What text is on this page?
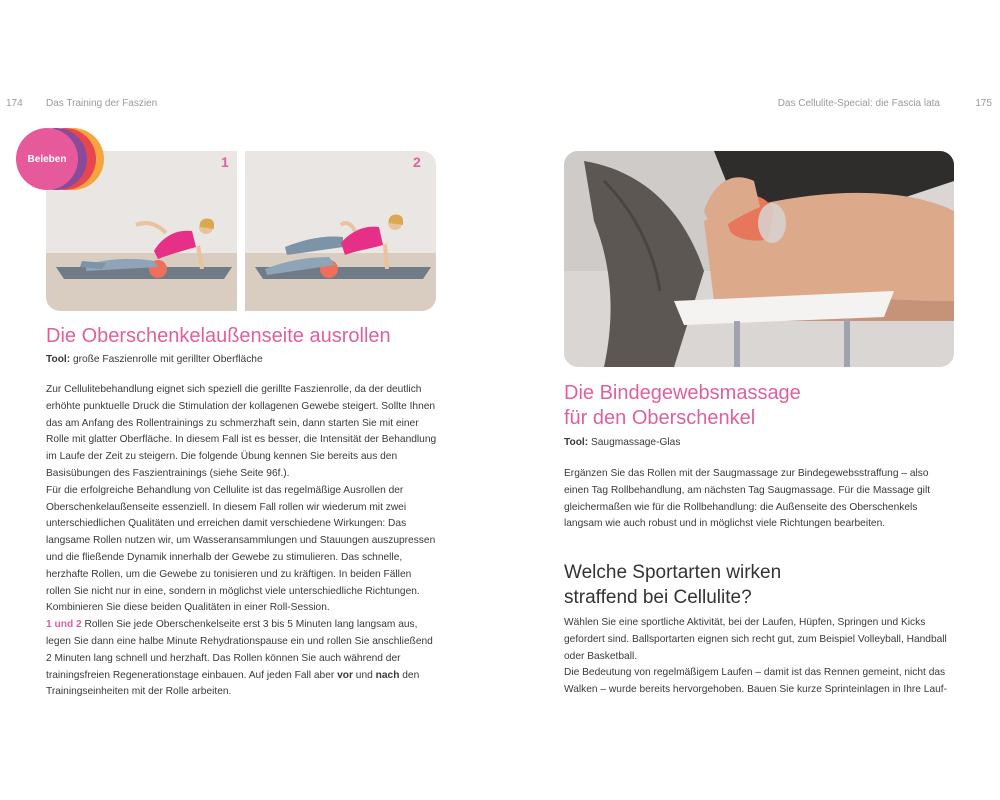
174 Das Training der Faszien	Das Cellulite-Special: die Fascia lata	175
1	2
Beleben
Die Oberschenkelaußenseite ausrollen
Tool: große Faszienrolle mit gerillter Oberfläche

Zur Cellulitebehandlung eignet sich speziell die gerillte Faszienrolle, da der deutlich erhöhte punktuelle Druck die Stimulation der kollagenen Gewebe steigert. Sollte Ihnen das am Anfang des Rollentrainings zu schmerzhaft sein, dann starten Sie mit einer Rolle mit glatter Oberfläche. In diesem Fall ist es besser, die Intensität der Behandlung im Laufe der Zeit zu steigern. Die folgende Übung kennen Sie bereits aus den Basisübungen des Faszientrainings (siehe Seite 96f.).

Für die erfolgreiche Behandlung von Cellulite ist das regelmäßige Ausrollen der Oberschenkelaußenseite essenziell. In diesem Fall rollen wir wiederum mit zwei unterschiedlichen Qualitäten und erreichen damit verschiedene Wirkungen: Das langsame Rollen nutzen wir, um Wasseransammlungen und Stauungen auszupressen und die fließende Dynamik innerhalb der Gewebe zu stimulieren. Das schnelle, herzhafte Rollen, um die Gewebe zu tonisieren und zu kräftigen. In beiden Fällen rollen Sie nicht nur in eine, sondern in möglichst viele unterschiedliche Richtungen. Kombinieren Sie diese beiden Qualitäten in einer Roll-Session.

1 und 2 Rollen Sie jede Oberschenkelseite erst 3 bis 5 Minuten lang langsam aus, legen Sie dann eine halbe Minute Rehydrationspause ein und rollen Sie anschließend 2 Minuten lang schnell und herzhaft. Das Rollen können Sie auch während der trainingsfreien Regenerationstage einbauen. Auf jeden Fall aber vor und nach den Trainingseinheiten mit der Rolle arbeiten.

Die Bindegewebsmassage
für den Oberschenkel
Tool: Saugmassage-Glas

Ergänzen Sie das Rollen mit der Saugmassage zur Bindegewebsstraffung – also einen Tag Rollbehandlung, am nächsten Tag Saugmassage. Für die Massage gilt gleichermaßen wie für die Rollbehandlung: die Außenseite des Oberschenkels langsam wie auch robust und in möglichst viele Richtungen bearbeiten.

Welche Sportarten wirken
straffend bei Cellulite?

Wählen Sie eine sportliche Aktivität, bei der Laufen, Hüpfen, Springen und Kicks gefordert sind. Ballsportarten eignen sich recht gut, zum Beispiel Volleyball, Handball oder Basketball.

Die Bedeutung von regelmäßigem Laufen – damit ist das Rennen gemeint, nicht das Walken – wurde bereits hervorgehoben. Bauen Sie kurze Sprinteinlagen in Ihre Lauf-
